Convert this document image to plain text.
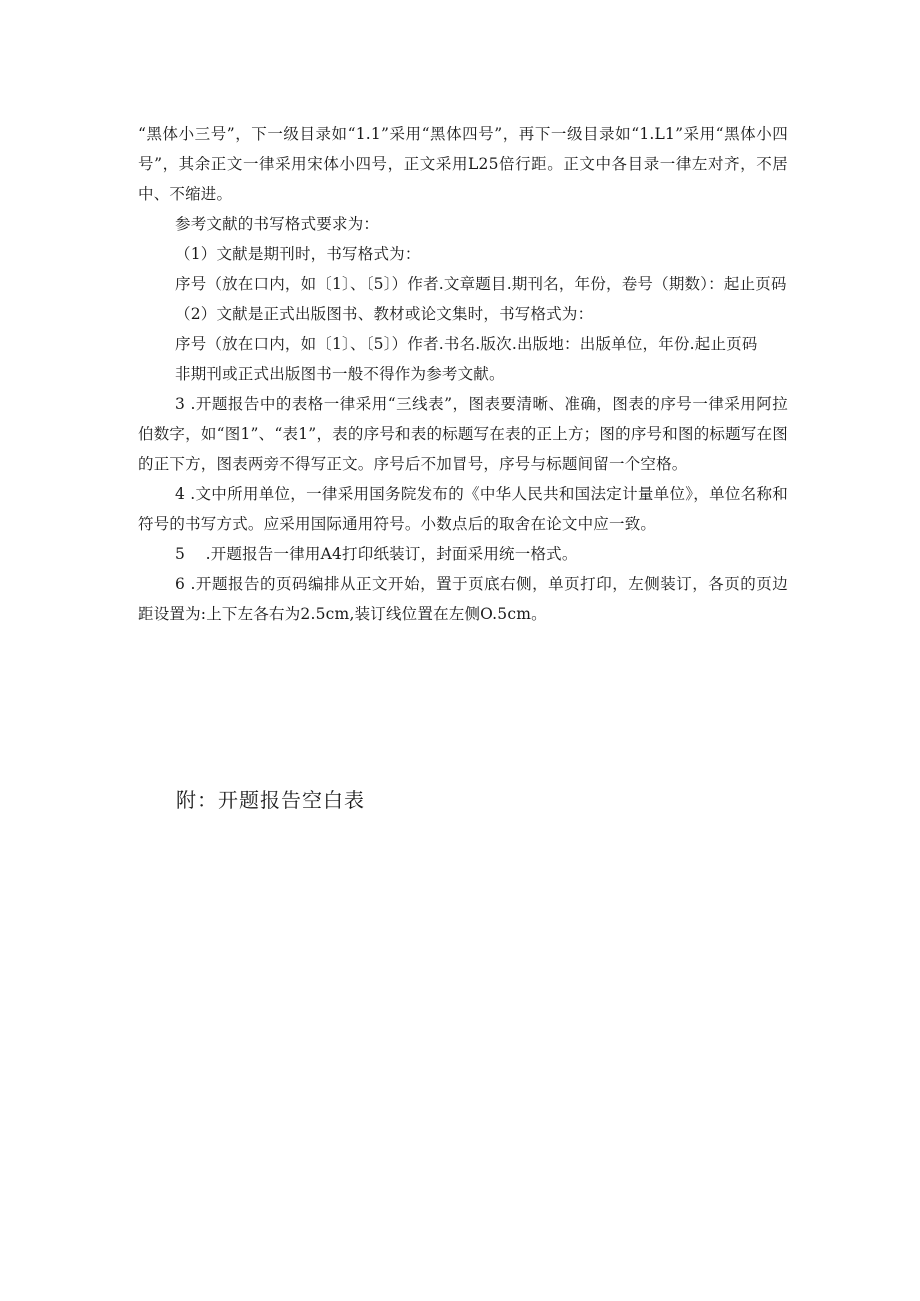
“黑体小三号”，下一级目录如“1.1”采用“黑体四号”，再下一级目录如“1.L1”采用“黑体小四号”，其余正文一律采用宋体小四号，正文采用L25倍行距。正文中各目录一律左对齐，不居中、不缩进。

参考文献的书写格式要求为：

（1）文献是期刊时，书写格式为：

序号（放在口内，如〔1〕、〔5〕）作者.文章题目.期刊名，年份，卷号（期数）：起止页码

（2）文献是正式出版图书、教材或论文集时，书写格式为：

序号（放在口内，如〔1〕、〔5〕）作者.书名.版次.出版地：出版单位，年份.起止页码

非期刊或正式出版图书一般不得作为参考文献。

3 .开题报告中的表格一律采用“三线表”，图表要清晰、准确，图表的序号一律采用阿拉伯数字，如“图1”、“表1”，表的序号和表的标题写在表的正上方；图的序号和图的标题写在图的正下方，图表两旁不得写正文。序号后不加冒号，序号与标题间留一个空格。

4 .文中所用单位，一律采用国务院发布的《中华人民共和国法定计量单位》，单位名称和符号的书写方式。应采用国际通用符号。小数点后的取舍在论文中应一致。

5    .开题报告一律用A4打印纸装订，封面采用统一格式。

6 .开题报告的页码编排从正文开始，置于页底右侧，单页打印，左侧装订，各页的页边距设置为:上下左各右为2.5cm,装订线位置在左侧O.5cm。

附：开题报告空白表
